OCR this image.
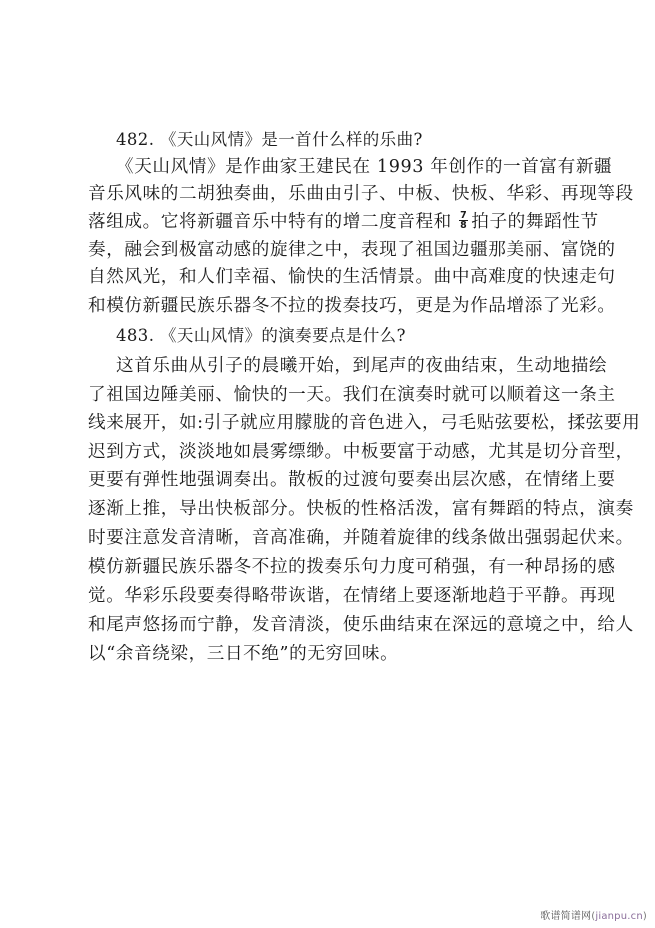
482. 《天山风情》是一首什么样的乐曲?
《天山风情》是作曲家王建民在 1993 年创作的一首富有新疆
音乐风味的二胡独奏曲，乐曲由引子、中板、快板、华彩、再现等段
落组成。它将新疆音乐中特有的增二度音程和 $\frac{7}{8}$ 拍子的舞蹈性节
奏，融会到极富动感的旋律之中，表现了祖国边疆那美丽、富饶的
自然风光，和人们幸福、愉快的生活情景。曲中高难度的快速走句
和模仿新疆民族乐器冬不拉的拨奏技巧，更是为作品增添了光彩。
483. 《天山风情》的演奏要点是什么?
这首乐曲从引子的晨曦开始，到尾声的夜曲结束，生动地描绘
了祖国边陲美丽、愉快的一天。我们在演奏时就可以顺着这一条主
线来展开，如:引子就应用朦胧的音色进入，弓毛贴弦要松，揉弦要用
迟到方式，淡淡地如晨雾缥缈。中板要富于动感，尤其是切分音型，
更要有弹性地强调奏出。散板的过渡句要奏出层次感，在情绪上要
逐渐上推，导出快板部分。快板的性格活泼，富有舞蹈的特点，演奏
时要注意发音清晰，音高准确，并随着旋律的线条做出强弱起伏来。
模仿新疆民族乐器冬不拉的拨奏乐句力度可稍强，有一种昂扬的感
觉。华彩乐段要奏得略带诙谐，在情绪上要逐渐地趋于平静。再现
和尾声悠扬而宁静，发音清淡，使乐曲结束在深远的意境之中，给人
以“余音绕梁，三日不绝”的无穷回味。
歌谱简谱网(jianpu.cn)
